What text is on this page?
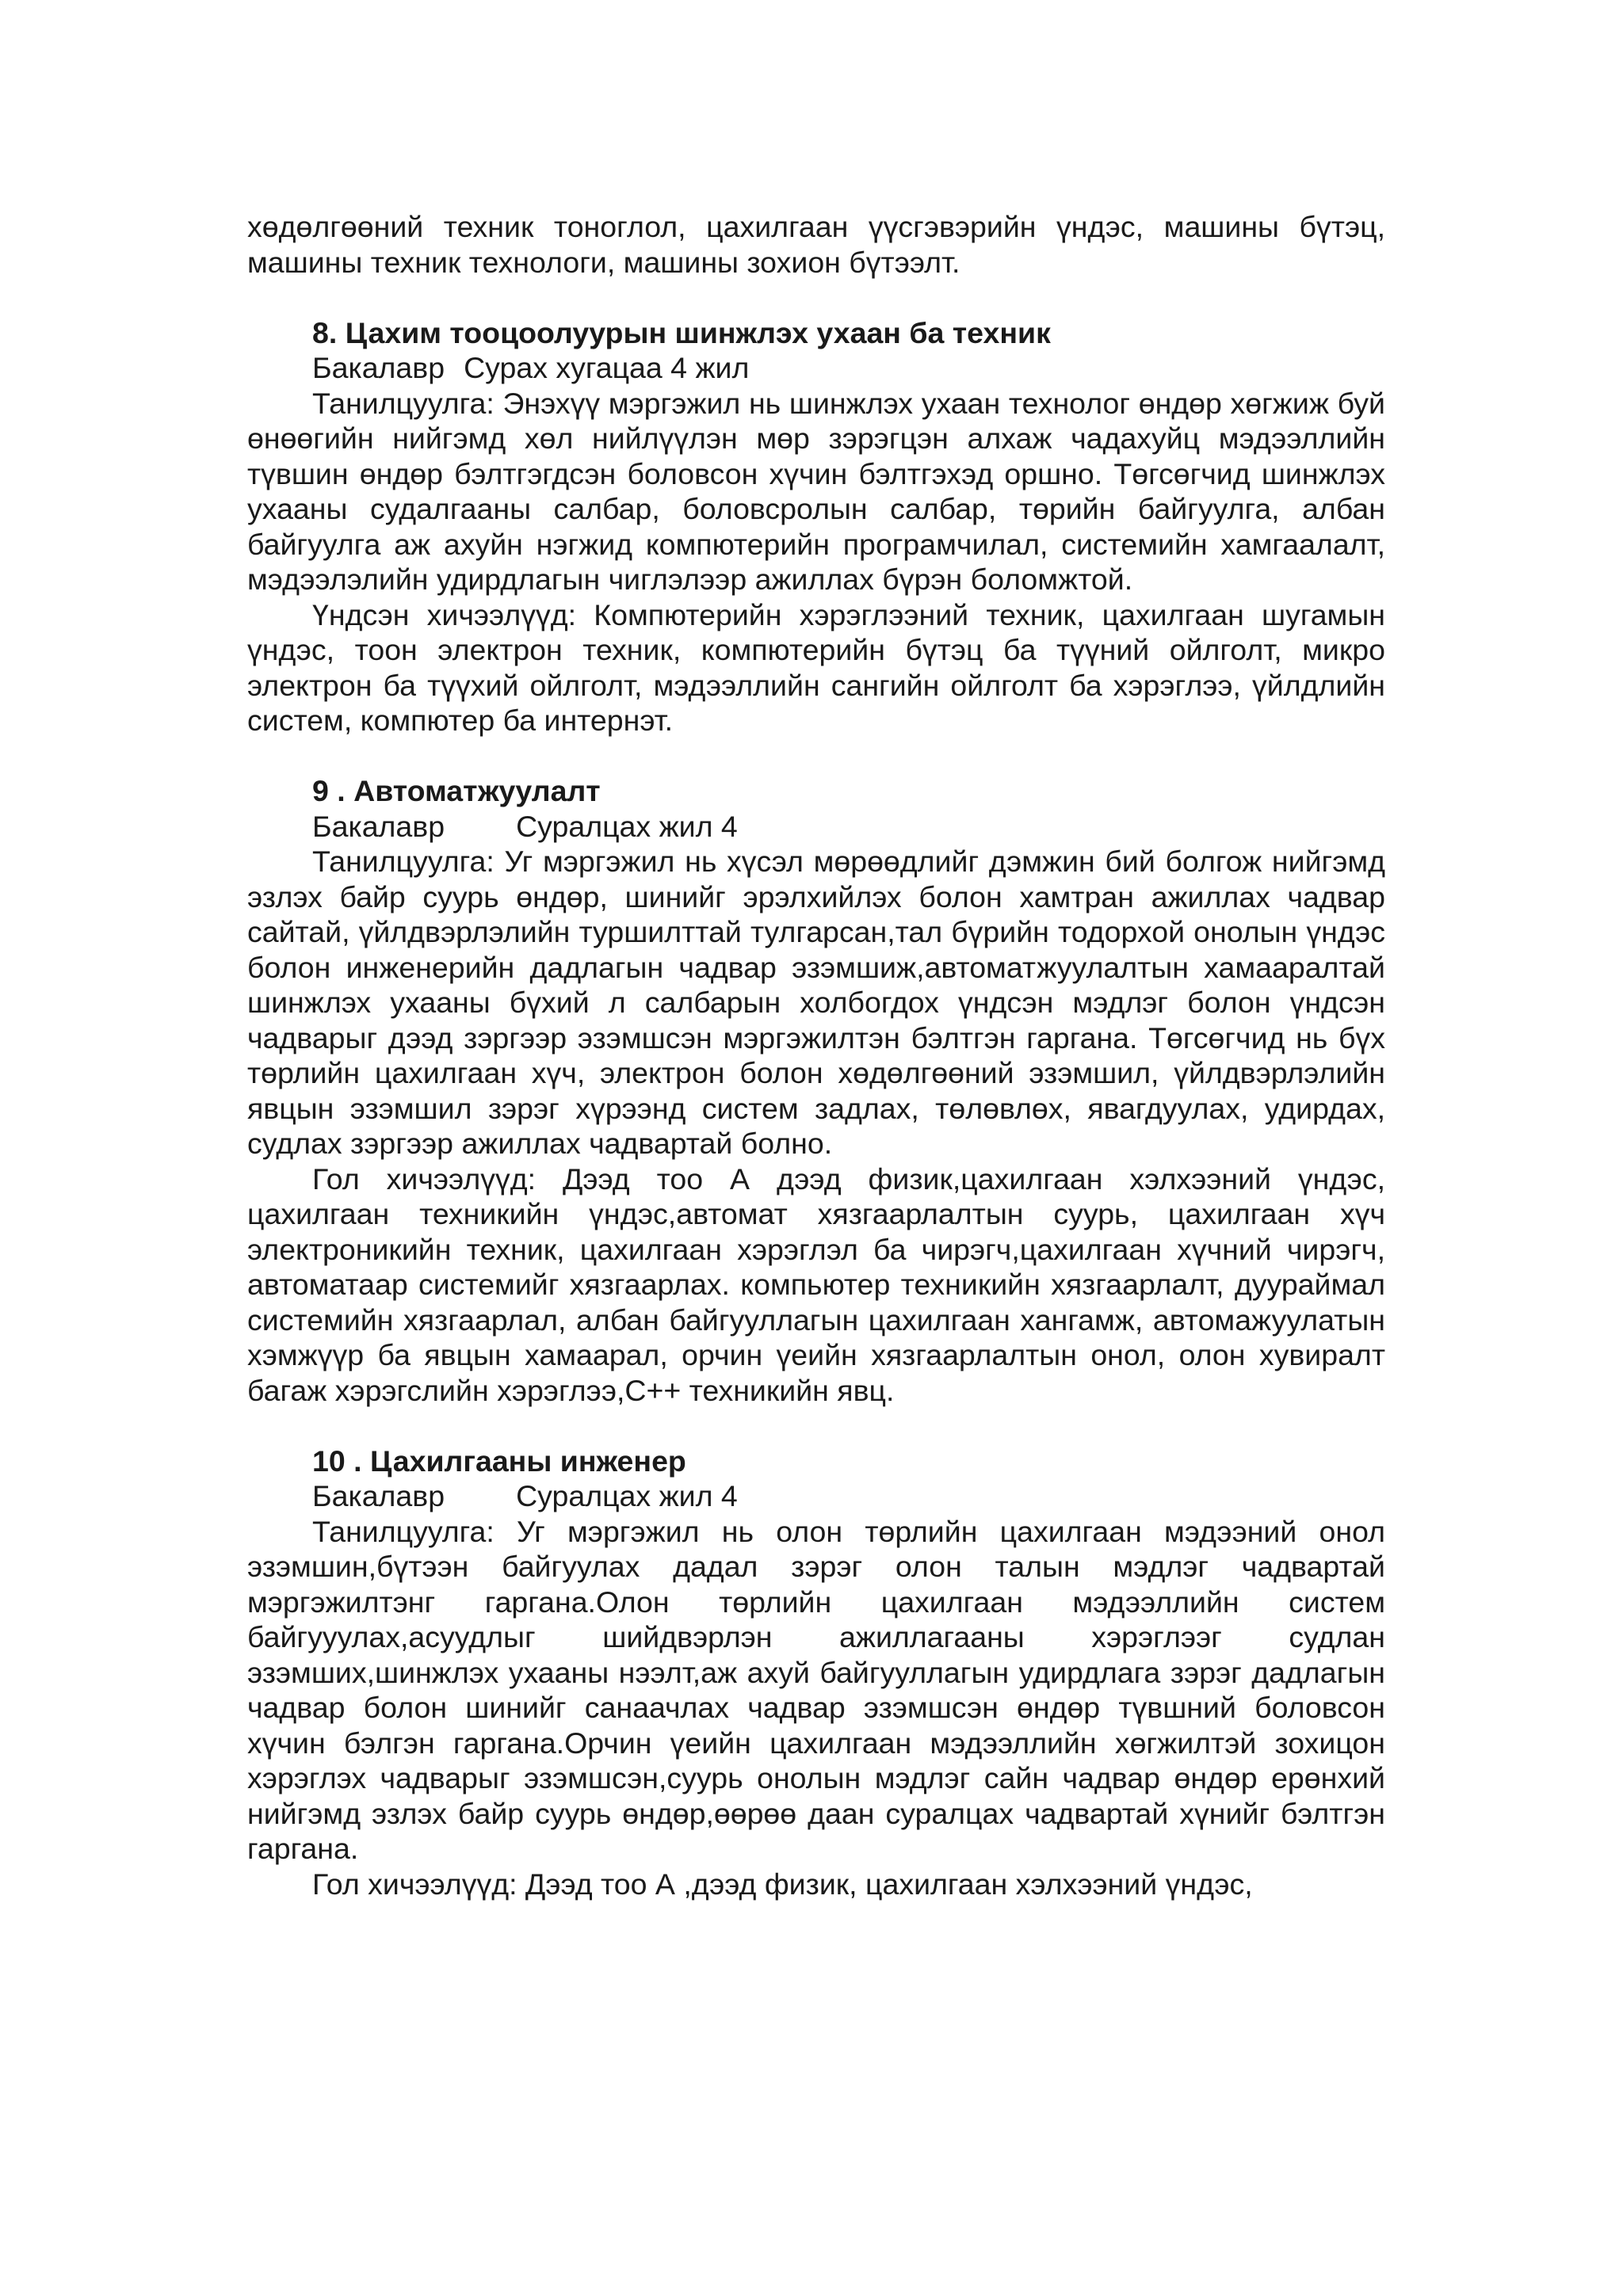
хөдөлгөөний техник тоноглол, цахилгаан үүсгэвэрийн үндэс, машины бүтэц, машины техник технологи, машины зохион бүтээлт.

8. Цахим тооцоолуурын шинжлэх ухаан ба техник

Бакалавр Сурах хугацаа 4 жил

Танилцуулга: Энэхүү мэргэжил нь шинжлэх ухаан технолог өндөр хөгжиж буй өнөөгийн нийгэмд хөл нийлүүлэн мөр зэрэгцэн алхаж чадахуйц мэдээллийн түвшин өндөр бэлтгэгдсэн боловсон хүчин бэлтгэхэд оршно. Төгсөгчид шинжлэх ухааны судалгааны салбар, боловсролын салбар, төрийн байгуулга, албан байгуулга аж ахуйн нэгжид компютерийн програмчилал, системийн хамгаалалт, мэдээлэлийн удирдлагын чиглэлээр ажиллах бүрэн боломжтой.

Үндсэн хичээлүүд: Компютерийн хэрэглээний техник, цахилгаан шугамын үндэс, тоон электрон техник, компютерийн бүтэц ба түүний ойлголт, микро электрон ба түүхий ойлголт, мэдээллийн сангийн ойлголт ба хэрэглээ, үйлдлийн систем, компютер ба интернэт.

9 . Автоматжуулалт

Бакалавр Суралцах жил 4

Танилцуулга: Уг мэргэжил нь хүсэл мөрөөдлийг дэмжин бий болгож нийгэмд эзлэх байр суурь өндөр, шинийг эрэлхийлэх болон хамтран ажиллах чадвар сайтай, үйлдвэрлэлийн туршилттай тулгарсан,тал бүрийн тодорхой онолын үндэс болон инженерийн дадлагын чадвар эзэмшиж,автоматжуулалтын хамааралтай шинжлэх ухааны бүхий л салбарын холбогдох үндсэн мэдлэг болон үндсэн чадварыг дээд зэргээр эзэмшсэн мэргэжилтэн бэлтгэн гаргана. Төгсөгчид нь бүх төрлийн цахилгаан хүч, электрон болон хөдөлгөөний эзэмшил, үйлдвэрлэлийн явцын эзэмшил зэрэг хүрээнд систем задлах, төлөвлөх, явагдуулах, удирдах, судлах зэргээр ажиллах чадвартай болно.

Гол хичээлүүд: Дээд тоо А дээд физик,цахилгаан хэлхээний үндэс, цахилгаан техникийн үндэс,автомат хязгаарлалтын суурь, цахилгаан хүч электроникийн техник, цахилгаан хэрэглэл ба чирэгч,цахилгаан хүчний чирэгч, автоматаар системийг хязгаарлах. компьютер техникийн хязгаарлалт, дуураймал системийн хязгаарлал, албан байгууллагын цахилгаан хангамж, автомажуулатын хэмжүүр ба явцын хамаарал, орчин үеийн хязгаарлалтын онол, олон хувиралт багаж хэрэгслийн хэрэглээ,С++ техникийн явц.

10 . Цахилгааны инженер

Бакалавр Суралцах жил 4

Танилцуулга: Уг мэргэжил нь олон төрлийн цахилгаан мэдээний онол эзэмшин,бүтээн байгуулах дадал зэрэг олон талын мэдлэг чадвартай мэргэжилтэнг гаргана.Олон төрлийн цахилгаан мэдээллийн систем байгууулах,асуудлыг шийдвэрлэн ажиллагааны хэрэглээг судлан эзэмших,шинжлэх ухааны нээлт,аж ахуй байгууллагын удирдлага зэрэг дадлагын чадвар болон шинийг санаачлах чадвар эзэмшсэн өндөр түвшний боловсон хүчин бэлгэн гаргана.Орчин үеийн цахилгаан мэдээллийн хөгжилтэй зохицон хэрэглэх чадварыг эзэмшсэн,суурь онолын мэдлэг сайн чадвар өндөр ерөнхий нийгэмд эзлэх байр суурь өндөр,өөрөө даан суралцах чадвартай хүнийг бэлтгэн гаргана.

Гол хичээлүүд: Дээд тоо А ,дээд физик, цахилгаан хэлхээний үндэс,
